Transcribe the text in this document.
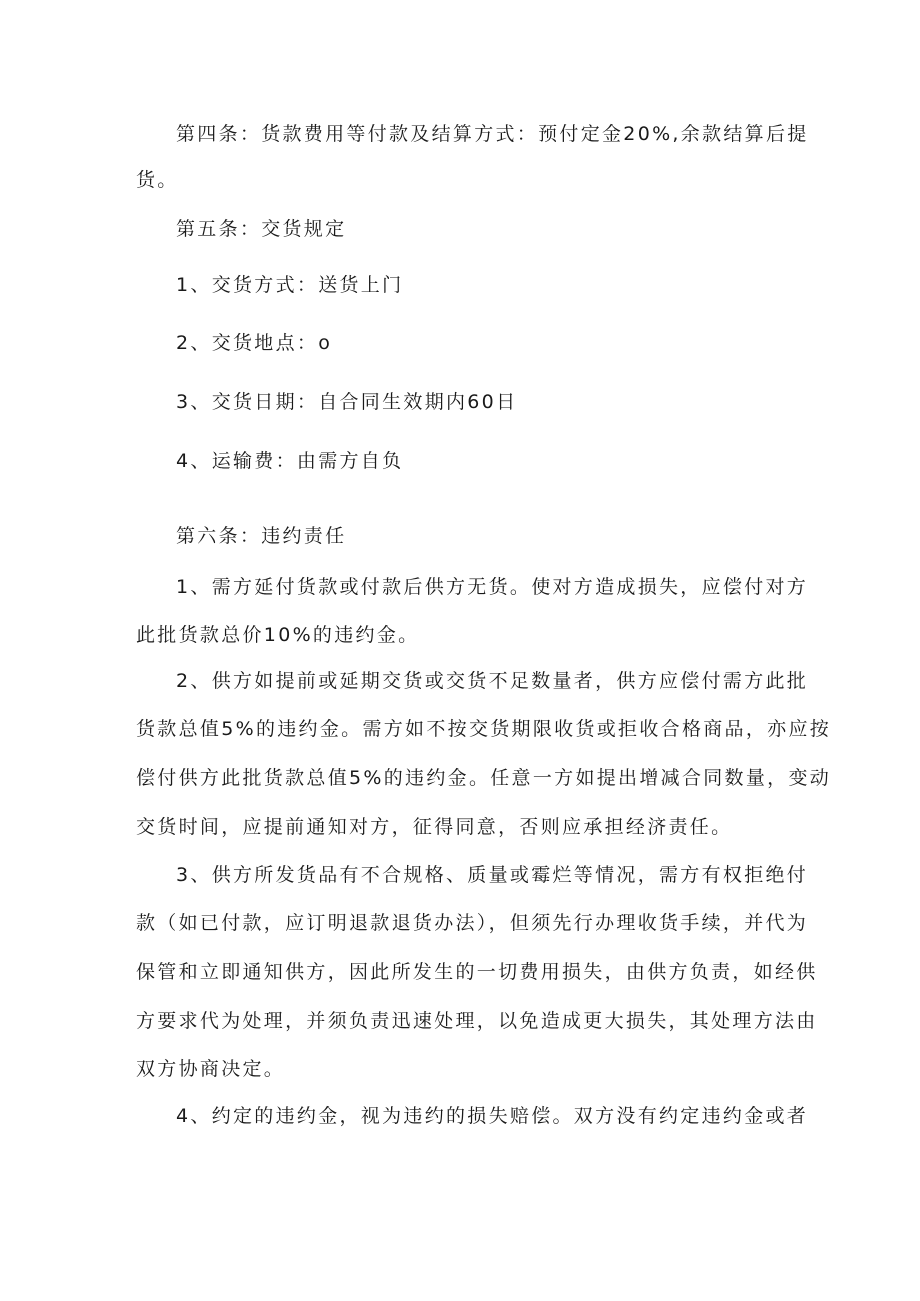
第四条：货款费用等付款及结算方式：预付定金20%,余款结算后提
货。
第五条：交货规定
1、交货方式：送货上门
2、交货地点：o
3、交货日期：自合同生效期内60日
4、运输费：由需方自负
第六条：违约责任
1、需方延付货款或付款后供方无货。使对方造成损失，应偿付对方
此批货款总价10%的违约金。
2、供方如提前或延期交货或交货不足数量者，供方应偿付需方此批
货款总值5%的违约金。需方如不按交货期限收货或拒收合格商品，亦应按
偿付供方此批货款总值5%的违约金。任意一方如提出增减合同数量，变动
交货时间，应提前通知对方，征得同意，否则应承担经济责任。
3、供方所发货品有不合规格、质量或霉烂等情况，需方有权拒绝付
款（如已付款，应订明退款退货办法），但须先行办理收货手续，并代为
保管和立即通知供方，因此所发生的一切费用损失，由供方负责，如经供
方要求代为处理，并须负责迅速处理，以免造成更大损失，其处理方法由
双方协商决定。
4、约定的违约金，视为违约的损失赔偿。双方没有约定违约金或者
